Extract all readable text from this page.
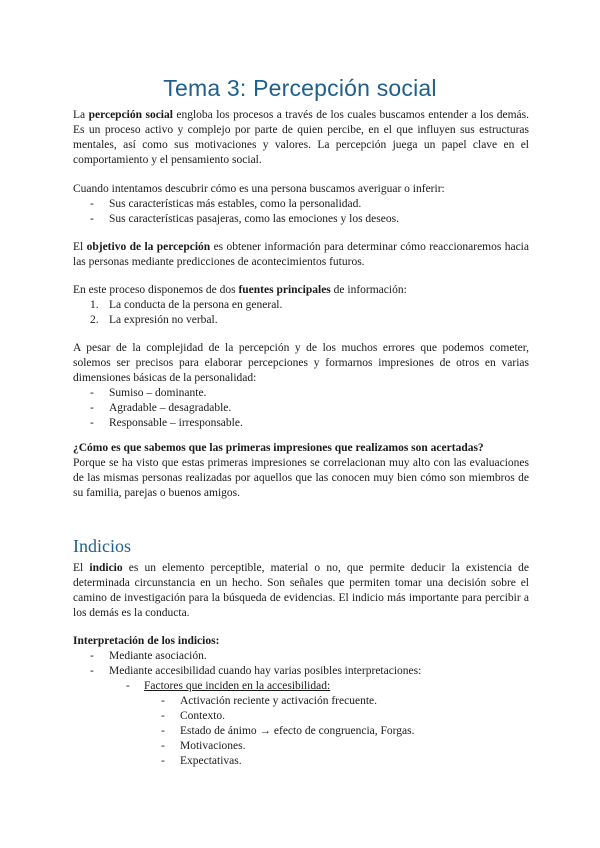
Tema 3: Percepción social
La percepción social engloba los procesos a través de los cuales buscamos entender a los demás. Es un proceso activo y complejo por parte de quien percibe, en el que influyen sus estructuras mentales, así como sus motivaciones y valores. La percepción juega un papel clave en el comportamiento y el pensamiento social.
Cuando intentamos descubrir cómo es una persona buscamos averiguar o inferir:
- Sus características más estables, como la personalidad.
- Sus características pasajeras, como las emociones y los deseos.
El objetivo de la percepción es obtener información para determinar cómo reaccionaremos hacia las personas mediante predicciones de acontecimientos futuros.
En este proceso disponemos de dos fuentes principales de información:
1. La conducta de la persona en general.
2. La expresión no verbal.
A pesar de la complejidad de la percepción y de los muchos errores que podemos cometer, solemos ser precisos para elaborar percepciones y formarnos impresiones de otros en varias dimensiones básicas de la personalidad:
- Sumiso – dominante.
- Agradable – desagradable.
- Responsable – irresponsable.
¿Cómo es que sabemos que las primeras impresiones que realizamos son acertadas?
Porque se ha visto que estas primeras impresiones se correlacionan muy alto con las evaluaciones de las mismas personas realizadas por aquellos que las conocen muy bien cómo son miembros de su familia, parejas o buenos amigos.
Indicios
El indicio es un elemento perceptible, material o no, que permite deducir la existencia de determinada circunstancia en un hecho. Son señales que permiten tomar una decisión sobre el camino de investigación para la búsqueda de evidencias. El indicio más importante para percibir a los demás es la conducta.
Interpretación de los indicios:
- Mediante asociación.
- Mediante accesibilidad cuando hay varias posibles interpretaciones:
- Factores que inciden en la accesibilidad:
- Activación reciente y activación frecuente.
- Contexto.
- Estado de ánimo → efecto de congruencia, Forgas.
- Motivaciones.
- Expectativas.
